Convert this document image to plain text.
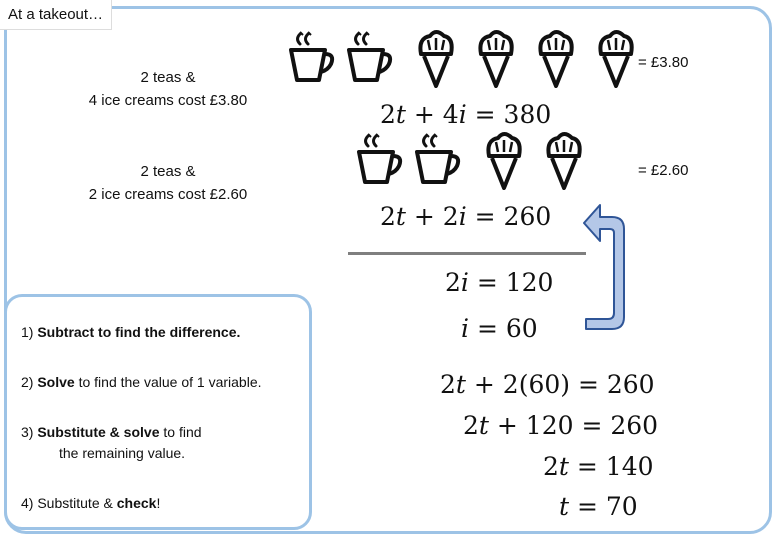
At a takeout…
2 teas &
4 ice creams cost £3.80
2 teas &
2 ice creams cost £2.60
= £3.80
= £2.60
2t + 4i = 380
2t + 2i = 260
2i = 120
i = 60
2t + 2(60) = 260
2t + 120 = 260
2t = 140
t = 70
1) Subtract to find the difference.
2) Solve to find the value of 1 variable.
3) Substitute & solve to find
the remaining value.
4) Substitute & check!
